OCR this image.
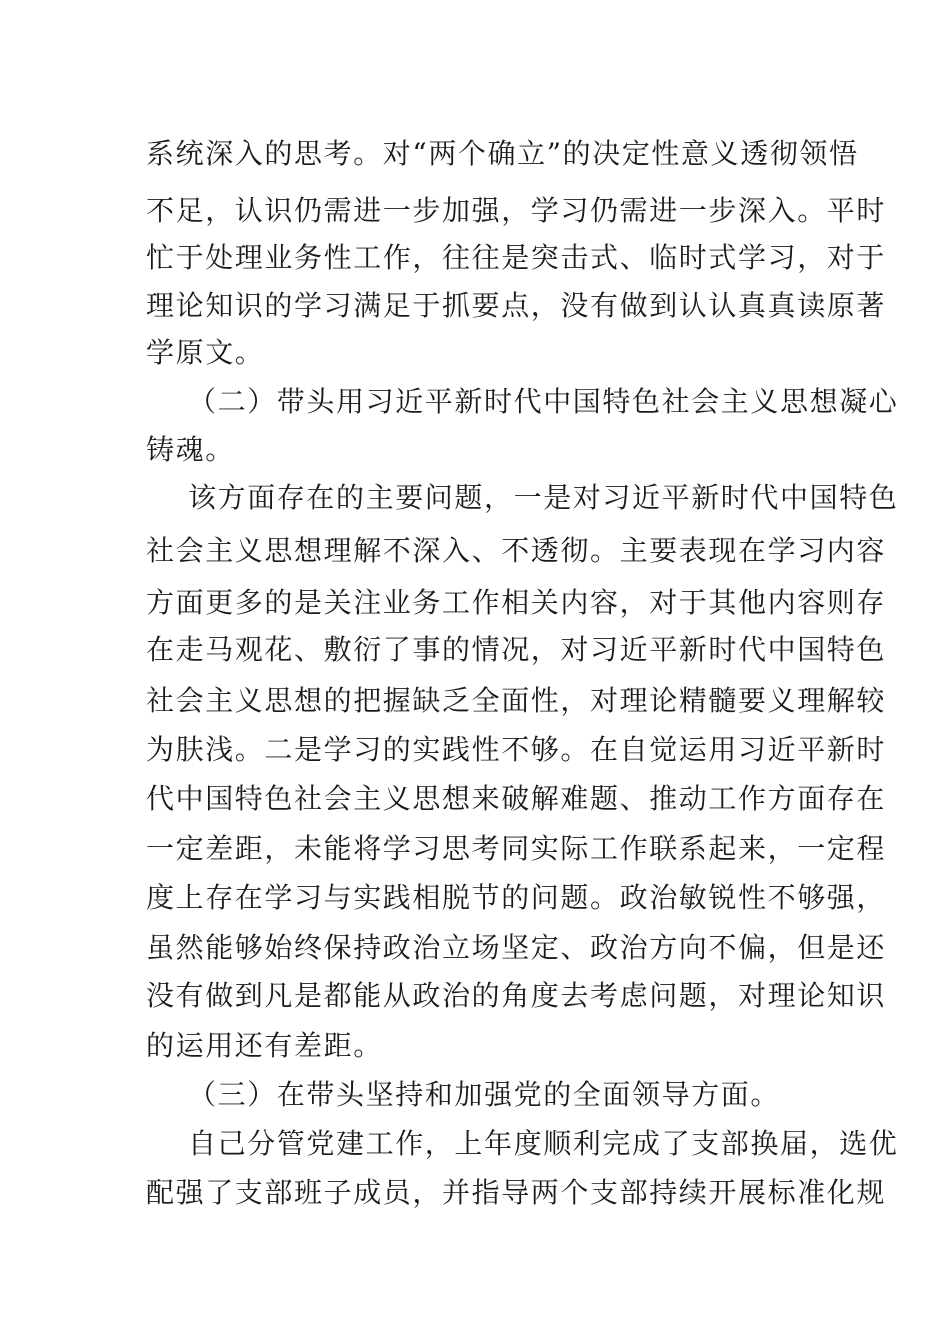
系统深入的思考。对“两个确立”的决定性意义透彻领悟
不足，认识仍需进一步加强，学习仍需进一步深入。平时
忙于处理业务性工作，往往是突击式、临时式学习，对于
理论知识的学习满足于抓要点，没有做到认认真真读原著
学原文。
（二）带头用习近平新时代中国特色社会主义思想凝心
铸魂。
该方面存在的主要问题，一是对习近平新时代中国特色
社会主义思想理解不深入、不透彻。主要表现在学习内容
方面更多的是关注业务工作相关内容，对于其他内容则存
在走马观花、敷衍了事的情况，对习近平新时代中国特色
社会主义思想的把握缺乏全面性，对理论精髓要义理解较
为肤浅。二是学习的实践性不够。在自觉运用习近平新时
代中国特色社会主义思想来破解难题、推动工作方面存在
一定差距，未能将学习思考同实际工作联系起来，一定程
度上存在学习与实践相脱节的问题。政治敏锐性不够强，
虽然能够始终保持政治立场坚定、政治方向不偏，但是还
没有做到凡是都能从政治的角度去考虑问题，对理论知识
的运用还有差距。
（三）在带头坚持和加强党的全面领导方面。
自己分管党建工作，上年度顺利完成了支部换届，选优
配强了支部班子成员，并指导两个支部持续开展标准化规
